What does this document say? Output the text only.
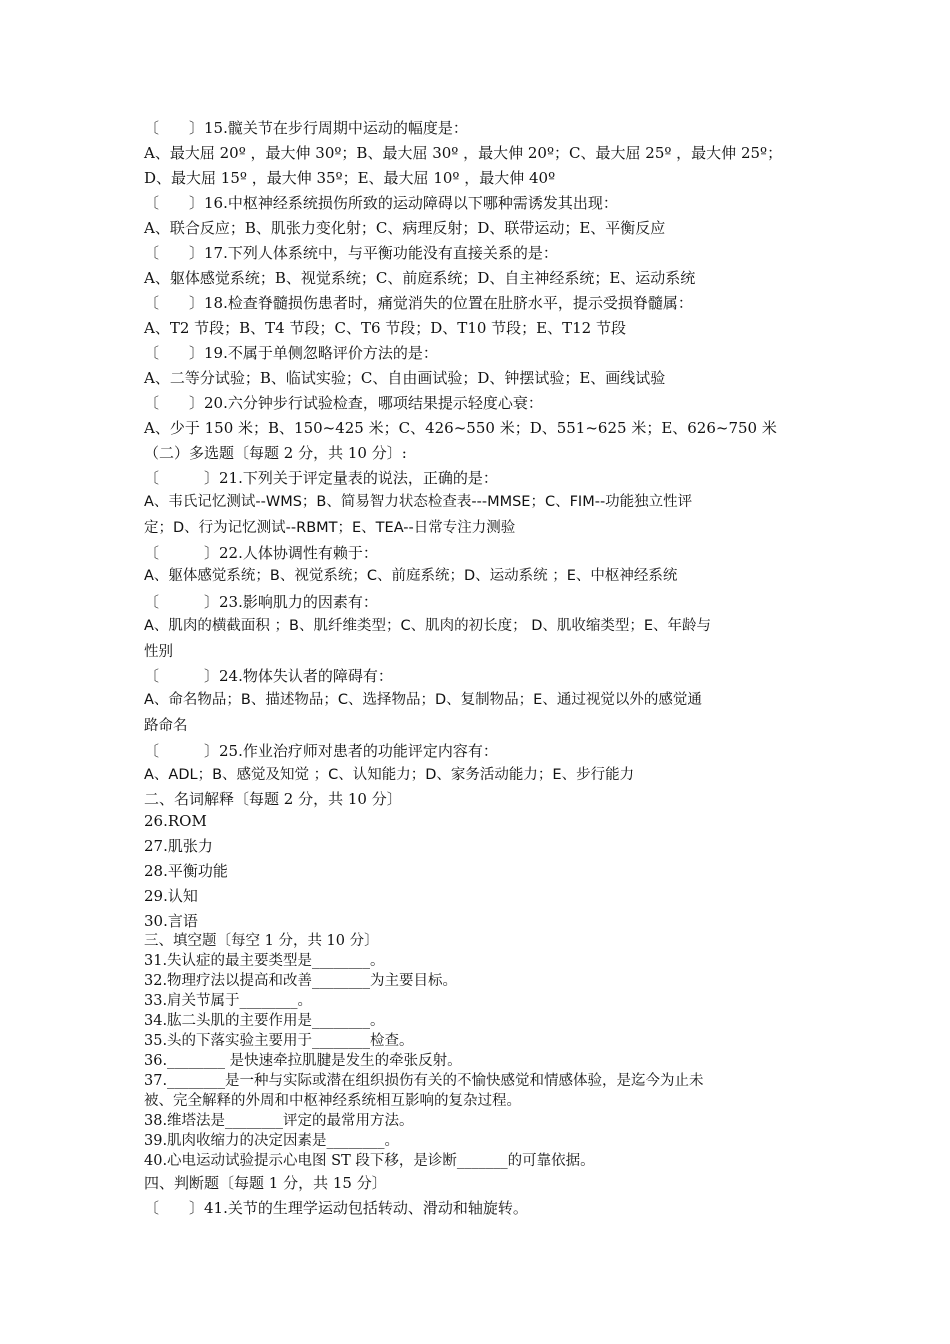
〔　　〕15.髋关节在步行周期中运动的幅度是：
A、最大屈 20º ，最大伸 30º；B、最大屈 30º ，最大伸 20º；C、最大屈 25º ，最大伸 25º；
D、最大屈 15º ，最大伸 35º；E、最大屈 10º ，最大伸 40º
〔　　〕16.中枢神经系统损伤所致的运动障碍以下哪种需诱发其出现：
A、联合反应；B、肌张力变化射；C、病理反射；D、联带运动；E、平衡反应
〔　　〕17.下列人体系统中，与平衡功能没有直接关系的是：
A、躯体感觉系统；B、视觉系统；C、前庭系统；D、自主神经系统；E、运动系统
〔　　〕18.检查脊髓损伤患者时，痛觉消失的位置在肚脐水平，提示受损脊髓属：
A、T2 节段；B、T4 节段；C、T6 节段；D、T10 节段；E、T12 节段
〔　　〕19.不属于单侧忽略评价方法的是：
A、二等分试验；B、临试实验；C、自由画试验；D、钟摆试验；E、画线试验
〔　　〕20.六分钟步行试验检查，哪项结果提示轻度心衰：
A、少于 150 米；B、150~425 米；C、426~550 米；D、551~625 米；E、626~750 米
（二）多选题〔每题 2 分，共 10 分〕:
〔　　　〕21.下列关于评定量表的说法，正确的是：
A、韦氏记忆测试--WMS；B、简易智力状态检查表---MMSE；C、FIM--功能独立性评
定；D、行为记忆测试--RBMT；E、TEA--日常专注力测验
〔　　　〕22.人体协调性有赖于：
A、躯体感觉系统；B、视觉系统；C、前庭系统；D、运动系统 ；E、中枢神经系统
〔　　　〕23.影响肌力的因素有：
A、肌肉的横截面积 ；B、肌纤维类型；C、肌肉的初长度； D、肌收缩类型；E、年龄与
性别
〔　　　〕24.物体失认者的障碍有：
A、命名物品；B、描述物品；C、选择物品；D、复制物品；E、通过视觉以外的感觉通
路命名
〔　　　〕25.作业治疗师对患者的功能评定内容有：
A、ADL；B、感觉及知觉 ；C、认知能力；D、家务活动能力；E、步行能力
二、名词解释〔每题 2 分，共 10 分〕
26.ROM
27.肌张力
28.平衡功能
29.认知
30.言语
三、填空题〔每空 1 分，共 10 分〕
31.失认症的最主要类型是________。
32.物理疗法以提高和改善________为主要目标。
33.肩关节属于________。
34.肱二头肌的主要作用是________。
35.头的下落实验主要用于________检查。
36.________ 是快速牵拉肌腱是发生的牵张反射。
37.________是一种与实际或潜在组织损伤有关的不愉快感觉和情感体验，是迄今为止未
被、完全解释的外周和中枢神经系统相互影响的复杂过程。
38.维塔法是________评定的最常用方法。
39.肌肉收缩力的决定因素是________。
40.心电运动试验提示心电图 ST 段下移，是诊断_______的可靠依据。
四、判断题〔每题 1 分，共 15 分〕
〔　　〕41.关节的生理学运动包括转动、滑动和轴旋转。
